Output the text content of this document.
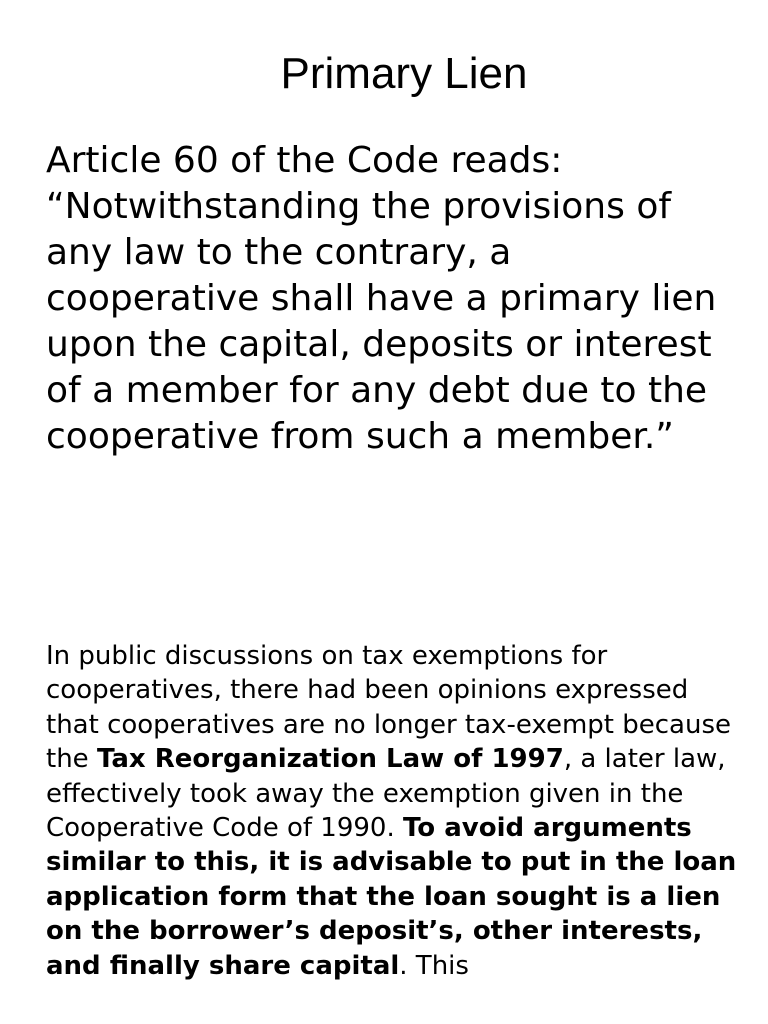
Primary Lien

Article 60 of the Code reads: “Notwithstanding the provisions of any law to the contrary, a cooperative shall have a primary lien upon the capital, deposits or interest of a member for any debt due to the cooperative from such a member.”

In public discussions on tax exemptions for cooperatives, there had been opinions expressed that cooperatives are no longer tax-exempt because the Tax Reorganization Law of 1997, a later law, effectively took away the exemption given in the Cooperative Code of 1990. To avoid arguments similar to this, it is advisable to put in the loan application form that the loan sought is a lien on the borrower’s deposit’s, other interests, and finally share capital. This
